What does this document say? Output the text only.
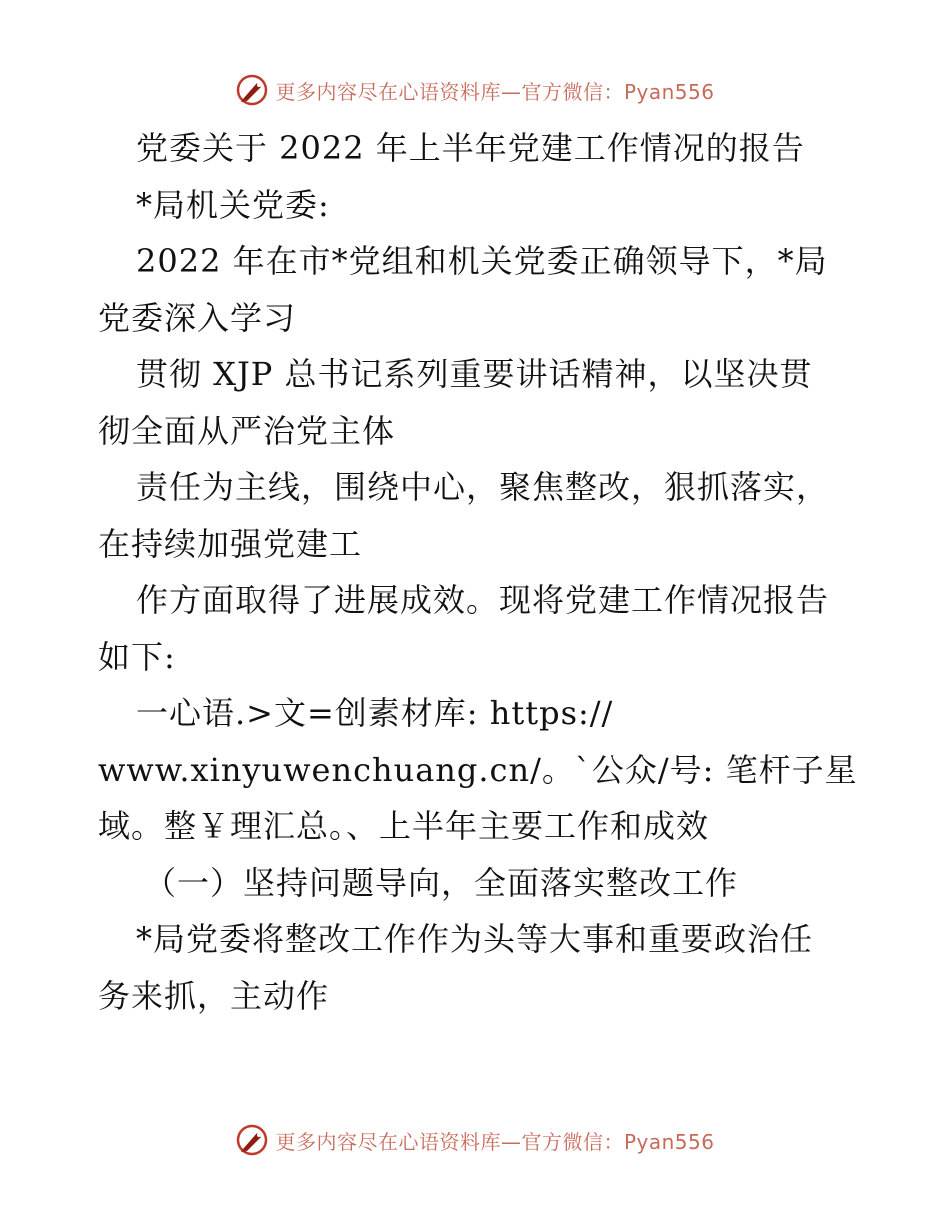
更多内容尽在心语资料库—官方微信：Pyan556
党委关于 2022 年上半年党建工作情况的报告
*局机关党委:
2022 年在市*党组和机关党委正确领导下，*局
党委深入学习
贯彻 XJP 总书记系列重要讲话精神，以坚决贯
彻全面从严治党主体
责任为主线，围绕中心，聚焦整改，狠抓落实，
在持续加强党建工
作方面取得了进展成效。现将党建工作情况报告
如下:
一心语.>文=创素材库: https://
www.xinyuwenchuang.cn/。`公众/号: 笔杆子星
域。整￥理汇总。、上半年主要工作和成效
（一）坚持问题导向，全面落实整改工作
*局党委将整改工作作为头等大事和重要政治任
务来抓，主动作
更多内容尽在心语资料库—官方微信：Pyan556
